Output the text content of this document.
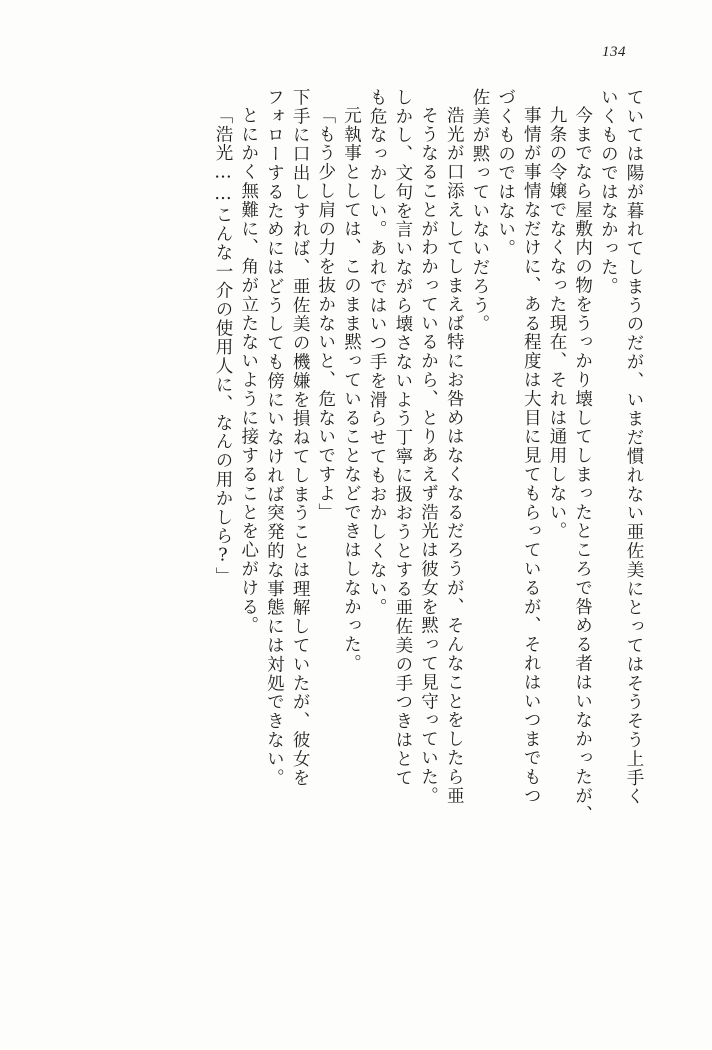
134
ていては陽が暮れてしまうのだが、いまだ慣れない亜佐美にとってはそうそう上手く
いくものではなかった。
今までなら屋敷内の物をうっかり壊してしまったところで咎める者はいなかったが、
九条の令嬢でなくなった現在、それは通用しない。
事情が事情なだけに、ある程度は大目に見てもらっているが、それはいつまでもつ
づくものではない。
佐美が黙っていないだろう。
浩光が口添えしてしまえば特にお咎めはなくなるだろうが、そんなことをしたら亜
そうなることがわかっているから、とりあえず浩光は彼女を黙って見守っていた。
しかし、文句を言いながら壊さないよう丁寧に扱おうとする亜佐美の手つきはとて
も危なっかしい。あれではいつ手を滑らせてもおかしくない。
元執事としては、このまま黙っていることなどできはしなかった。
「もう少し肩の力を抜かないと、危ないですよ」
下手に口出しすれば、亜佐美の機嫌を損ねてしまうことは理解していたが、彼女を
フォローするためにはどうしても傍にいなければ突発的な事態には対処できない。
とにかく無難に、角が立たないように接することを心がける。
「浩光……こんな一介の使用人に、なんの用かしら?」
